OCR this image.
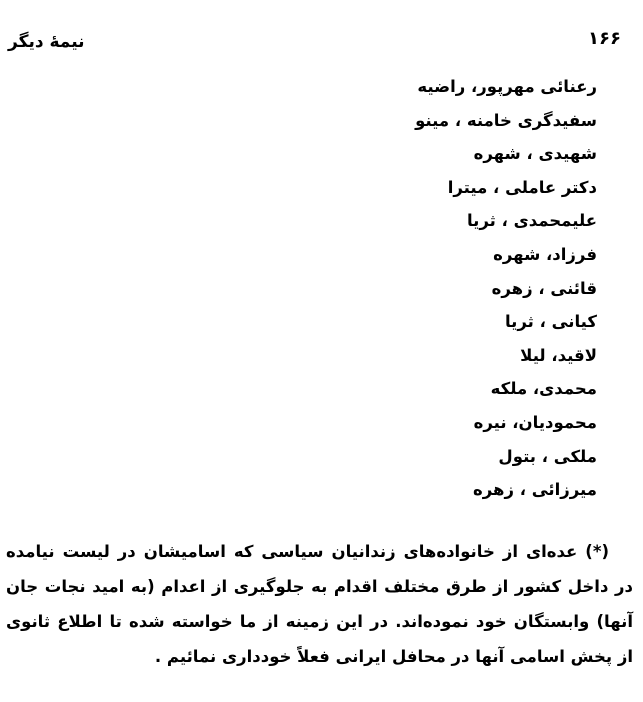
۱۶۶
نیمهٔ دیگر
رعنائی مهرپور، راضیه
سفیدگری خامنه ، مینو
شهیدی ، شهره
دکتر عاملی ، میترا
علیمحمدی ، ثریا
فرزاد، شهره
قائنی ، زهره
کیانی ، ثریا
لاقید، لیلا
محمدی، ملکه
محمودیان، نیره
ملکی ، بتول
میرزائی ، زهره

(*) عده‌ای از خانواده‌های زندانیان سیاسی که اسامیشان در لیست نیامده در داخل کشور از طرق مختلف اقدام به جلوگیری از اعدام (به امید نجات جان آنها) وابستگان خود نموده‌اند. در این زمینه از ما خواسته شده تا اطلاع ثانوی از پخش اسامی آنها در محافل ایرانی فعلاً خودداری نمائیم .
